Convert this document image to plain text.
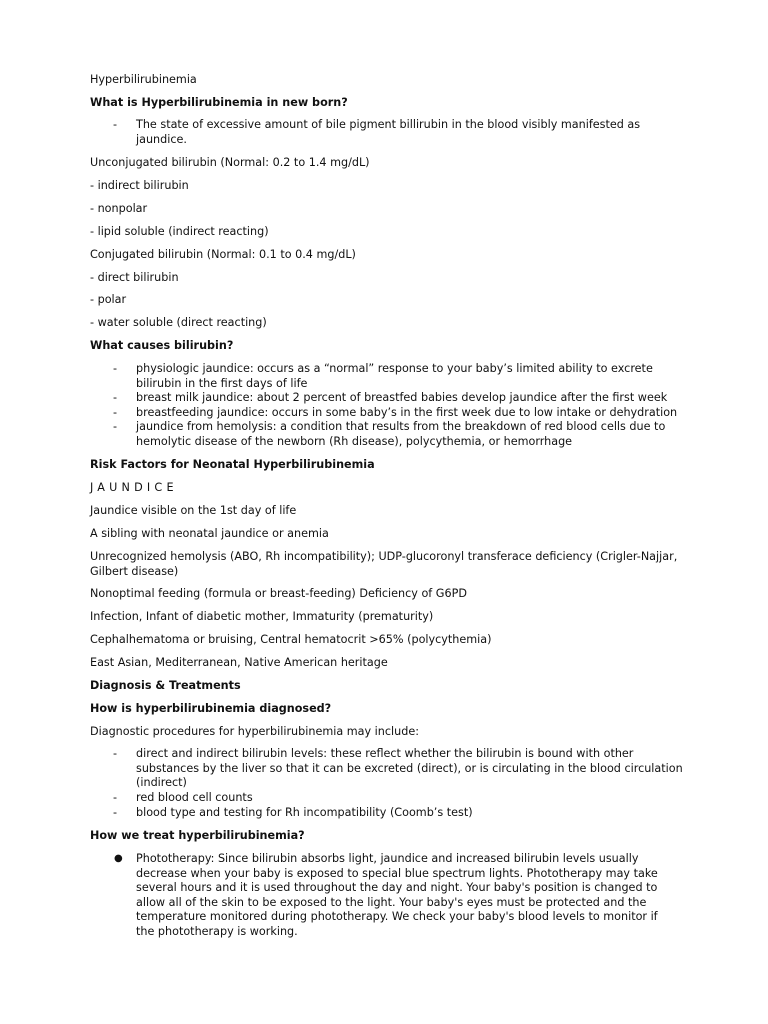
Hyperbilirubinemia
What is Hyperbilirubinemia in new born?
- The state of excessive amount of bile pigment billirubin in the blood visibly manifested as
jaundice.
Unconjugated bilirubin (Normal: 0.2 to 1.4 mg/dL)
- indirect bilirubin
- nonpolar
- lipid soluble (indirect reacting)
Conjugated bilirubin (Normal: 0.1 to 0.4 mg/dL)
- direct bilirubin
- polar
- water soluble (direct reacting)
What causes bilirubin?
- physiologic jaundice: occurs as a “normal” response to your baby’s limited ability to excrete
bilirubin in the first days of life
- breast milk jaundice: about 2 percent of breastfed babies develop jaundice after the first week
- breastfeeding jaundice: occurs in some baby’s in the first week due to low intake or dehydration
- jaundice from hemolysis: a condition that results from the breakdown of red blood cells due to
hemolytic disease of the newborn (Rh disease), polycythemia, or hemorrhage
Risk Factors for Neonatal Hyperbilirubinemia
JAUNDICE
Jaundice visible on the 1st day of life
A sibling with neonatal jaundice or anemia
Unrecognized hemolysis (ABO, Rh incompatibility); UDP-glucoronyl transferace deficiency (Crigler-Najjar,
Gilbert disease)
Nonoptimal feeding (formula or breast-feeding) Deficiency of G6PD
Infection, Infant of diabetic mother, Immaturity (prematurity)
Cephalhematoma or bruising, Central hematocrit >65% (polycythemia)
East Asian, Mediterranean, Native American heritage
Diagnosis & Treatments
How is hyperbilirubinemia diagnosed?
Diagnostic procedures for hyperbilirubinemia may include:
- direct and indirect bilirubin levels: these reflect whether the bilirubin is bound with other
substances by the liver so that it can be excreted (direct), or is circulating in the blood circulation
(indirect)
- red blood cell counts
- blood type and testing for Rh incompatibility (Coomb’s test)
How we treat hyperbilirubinemia?
● Phototherapy: Since bilirubin absorbs light, jaundice and increased bilirubin levels usually
decrease when your baby is exposed to special blue spectrum lights. Phototherapy may take
several hours and it is used throughout the day and night. Your baby's position is changed to
allow all of the skin to be exposed to the light. Your baby's eyes must be protected and the
temperature monitored during phototherapy. We check your baby's blood levels to monitor if
the phototherapy is working.
